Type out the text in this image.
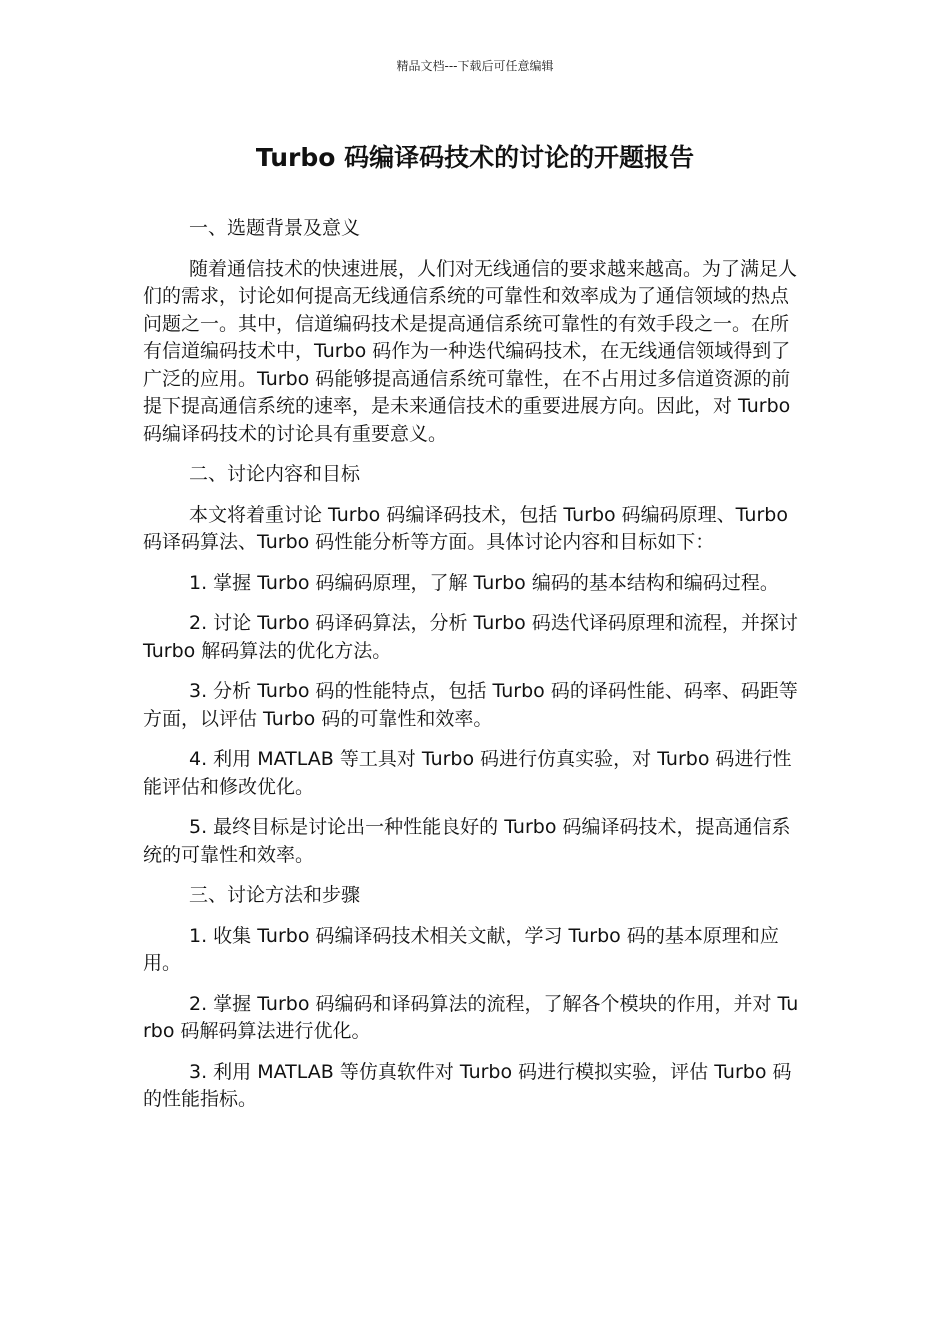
精品文档---下载后可任意编辑
Turbo 码编译码技术的讨论的开题报告

一、选题背景及意义

随着通信技术的快速进展，人们对无线通信的要求越来越高。为了满足人们的需求，讨论如何提高无线通信系统的可靠性和效率成为了通信领域的热点问题之一。其中，信道编码技术是提高通信系统可靠性的有效手段之一。在所有信道编码技术中，Turbo 码作为一种迭代编码技术，在无线通信领域得到了广泛的应用。Turbo 码能够提高通信系统可靠性，在不占用过多信道资源的前提下提高通信系统的速率，是未来通信技术的重要进展方向。因此，对 Turbo 码编译码技术的讨论具有重要意义。

二、讨论内容和目标

本文将着重讨论 Turbo 码编译码技术，包括 Turbo 码编码原理、Turbo 码译码算法、Turbo 码性能分析等方面。具体讨论内容和目标如下：

1. 掌握 Turbo 码编码原理，了解 Turbo 编码的基本结构和编码过程。

2. 讨论 Turbo 码译码算法，分析 Turbo 码迭代译码原理和流程，并探讨 Turbo 解码算法的优化方法。

3. 分析 Turbo 码的性能特点，包括 Turbo 码的译码性能、码率、码距等方面，以评估 Turbo 码的可靠性和效率。

4. 利用 MATLAB 等工具对 Turbo 码进行仿真实验，对 Turbo 码进行性能评估和修改优化。

5. 最终目标是讨论出一种性能良好的 Turbo 码编译码技术，提高通信系统的可靠性和效率。

三、讨论方法和步骤

1. 收集 Turbo 码编译码技术相关文献，学习 Turbo 码的基本原理和应用。

2. 掌握 Turbo 码编码和译码算法的流程，了解各个模块的作用，并对 Turbo 码解码算法进行优化。

3. 利用 MATLAB 等仿真软件对 Turbo 码进行模拟实验，评估 Turbo 码的性能指标。
